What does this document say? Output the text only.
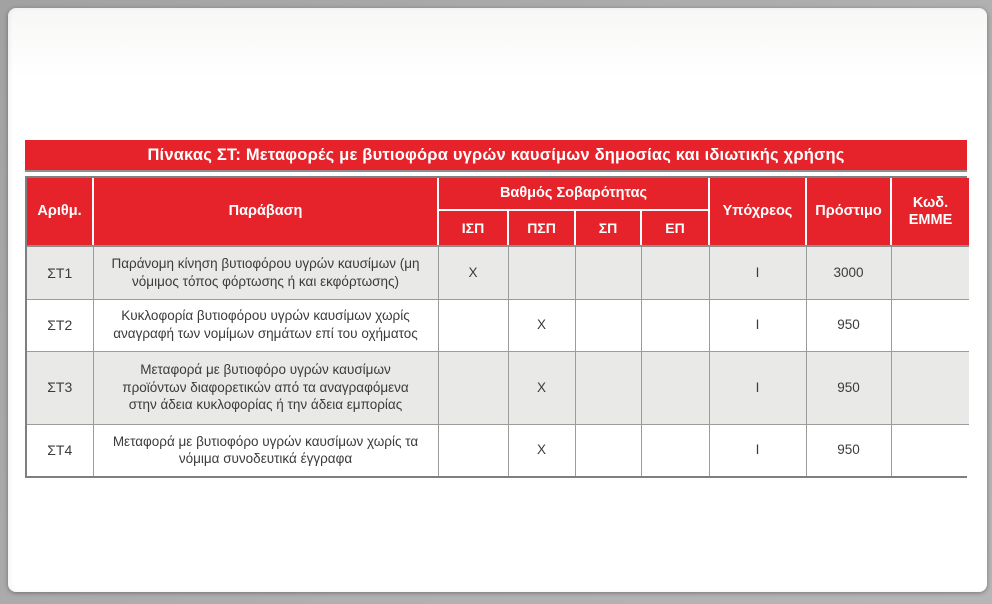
Πίνακας ΣΤ: Μεταφορές με βυτιοφόρα υγρών καυσίμων δημοσίας και ιδιωτικής χρήσης
Αριθμ.	Παράβαση	Βαθμός Σοβαρότητας				Υπόχρεος	Πρόστιμο	Κωδ. ΕΜΜΕ
		ΙΣΠ	ΠΣΠ	ΣΠ	ΕΠ			
ΣΤ1	Παράνομη κίνηση βυτιοφόρου υγρών καυσίμων (μη νόμιμος τόπος φόρτωσης ή και εκφόρτωσης)	X				Ι	3000	
ΣΤ2	Κυκλοφορία βυτιοφόρου υγρών καυσίμων χωρίς αναγραφή των νομίμων σημάτων επί του οχήματος		X			Ι	950	
ΣΤ3	Μεταφορά με βυτιοφόρο υγρών καυσίμων προϊόντων διαφορετικών από τα αναγραφόμενα στην άδεια κυκλοφορίας ή την άδεια εμπορίας		X			Ι	950	
ΣΤ4	Μεταφορά με βυτιοφόρο υγρών καυσίμων χωρίς τα νόμιμα συνοδευτικά έγγραφα		X			Ι	950	
